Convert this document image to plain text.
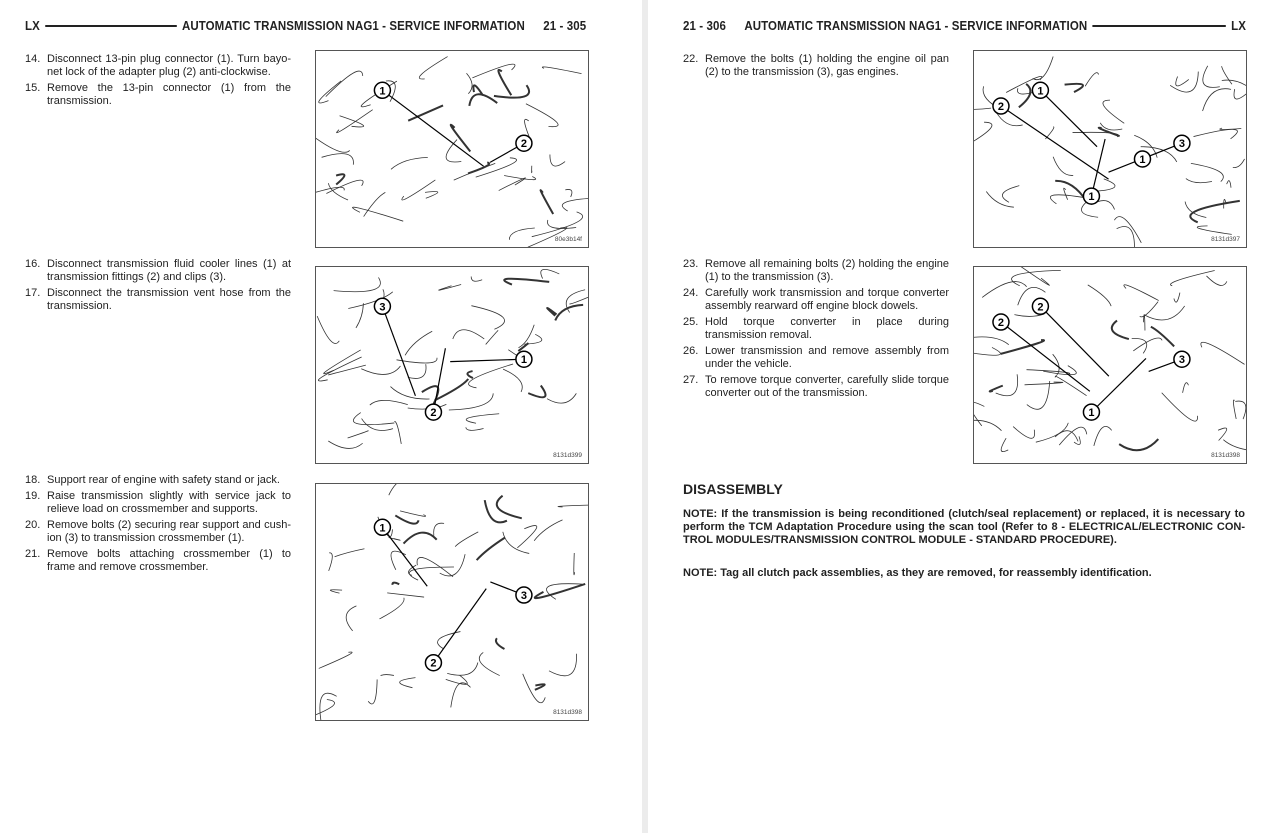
LX	AUTOMATIC TRANSMISSION NAG1 - SERVICE INFORMATION 21 - 305
14. Disconnect 13-pin plug connector (1). Turn bayo-net lock of the adapter plug (2) anti-clockwise.
15. Remove the 13-pin connector (1) from the transmission.
1
2
80e3b14f
16. Disconnect transmission fluid cooler lines (1) at transmission fittings (2) and clips (3).
17. Disconnect the transmission vent hose from the transmission.	3
1
2
8131d399
18. Support rear of engine with safety stand or jack.
19. Raise transmission slightly with service jack to relieve load on crossmember and supports.
20. Remove bolts (2) securing rear support and cush-ion (3) to transmission crossmember (1).
21. Remove bolts attaching crossmember (1) to frame and remove crossmember.
1
3
2
8131d398
21 - 306 AUTOMATIC TRANSMISSION NAG1 - SERVICE INFORMATION	LX
22. Remove the bolts (1) holding the engine oil pan (2) to the transmission (3), gas engines.
1
3
1
2
1
8131d397
23. Remove all remaining bolts (2) holding the engine (1) to the transmission (3).
24. Carefully work transmission and torque converter assembly rearward off engine block dowels.
25. Hold torque converter in place during transmission removal.
26. Lower transmission and remove assembly from under the vehicle.
27. To remove torque converter, carefully slide torque converter out of the transmission.
2
3
1
2
8131d398
DISASSEMBLY
NOTE: If the transmission is being reconditioned (clutch/seal replacement) or replaced, it is necessary to perform the TCM Adaptation Procedure using the scan tool (Refer to 8 - ELECTRICAL/ELECTRONIC CON-TROL MODULES/TRANSMISSION CONTROL MODULE - STANDARD PROCEDURE).
NOTE: Tag all clutch pack assemblies, as they are removed, for reassembly identification.
